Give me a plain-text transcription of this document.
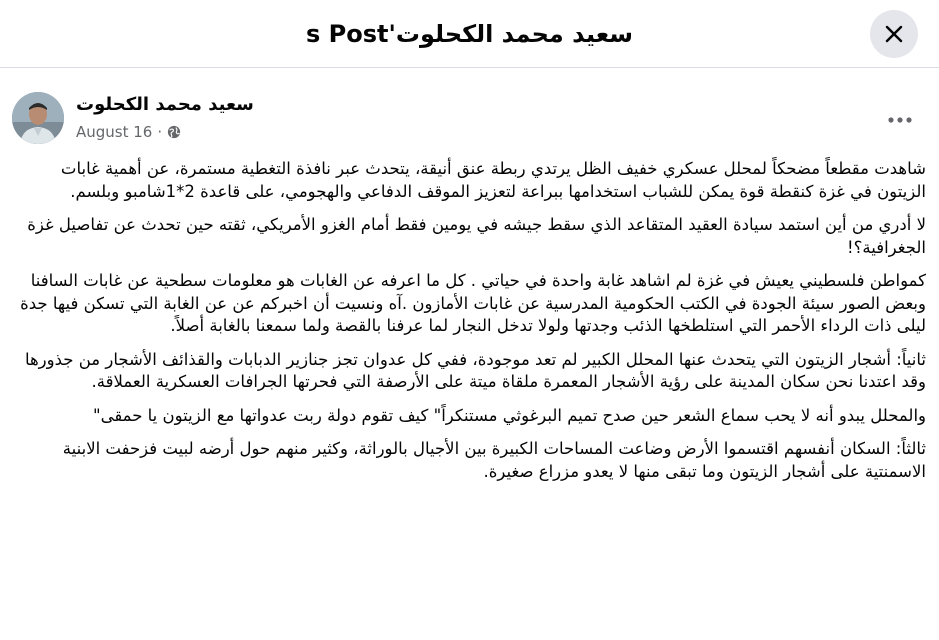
سعيد محمد الكحلوت's Post
سعيد محمد الكحلوت
August 16 ·

شاهدت مقطعاً مضحكاً لمحلل عسكري خفيف الظل يرتدي ربطة عنق أنيقة، يتحدث عبر نافذة التغطية مستمرة، عن أهمية غابات الزيتون في غزة كنقطة قوة يمكن للشباب استخدامها ببراعة لتعزيز الموقف الدفاعي والهجومي، على قاعدة 2*1شامبو وبلسم.

لا أدري من أين استمد سيادة العقيد المتقاعد الذي سقط جيشه في يومين فقط أمام الغزو الأمريكي، ثقته حين تحدث عن تفاصيل غزة الجغرافية؟!

كمواطن فلسطيني يعيش في غزة لم اشاهد غابة واحدة في حياتي . كل ما اعرفه عن الغابات هو معلومات سطحية عن غابات السافنا وبعض الصور سيئة الجودة في الكتب الحكومية المدرسية عن غابات الأمازون .آه ونسيت أن اخبركم عن عن الغابة التي تسكن فيها جدة ليلى ذات الرداء الأحمر التي استلطخها الذئب وجدتها ولولا تدخل النجار لما عرفنا بالقصة ولما سمعنا بالغابة أصلاً.

ثانياً: أشجار الزيتون التي يتحدث عنها المحلل الكبير لم تعد موجودة، ففي كل عدوان تجز جنازير الدبابات والقذائف الأشجار من جذورها وقد اعتدنا نحن سكان المدينة على رؤية الأشجار المعمرة ملقاة ميتة على الأرصفة التي فحرتها الجرافات العسكرية العملاقة.

والمحلل يبدو أنه لا يحب سماع الشعر حين صدح تميم البرغوثي مستنكراً" كيف تقوم دولة ربت عدواتها مع الزيتون يا حمقى"

ثالثاً: السكان أنفسهم اقتسموا الأرض وضاعت المساحات الكبيرة بين الأجيال بالوراثة، وكثير منهم حول أرضه لبيت فزحفت الابنية الاسمنتية على أشجار الزيتون وما تبقى منها لا يعدو مزراع صغيرة.
